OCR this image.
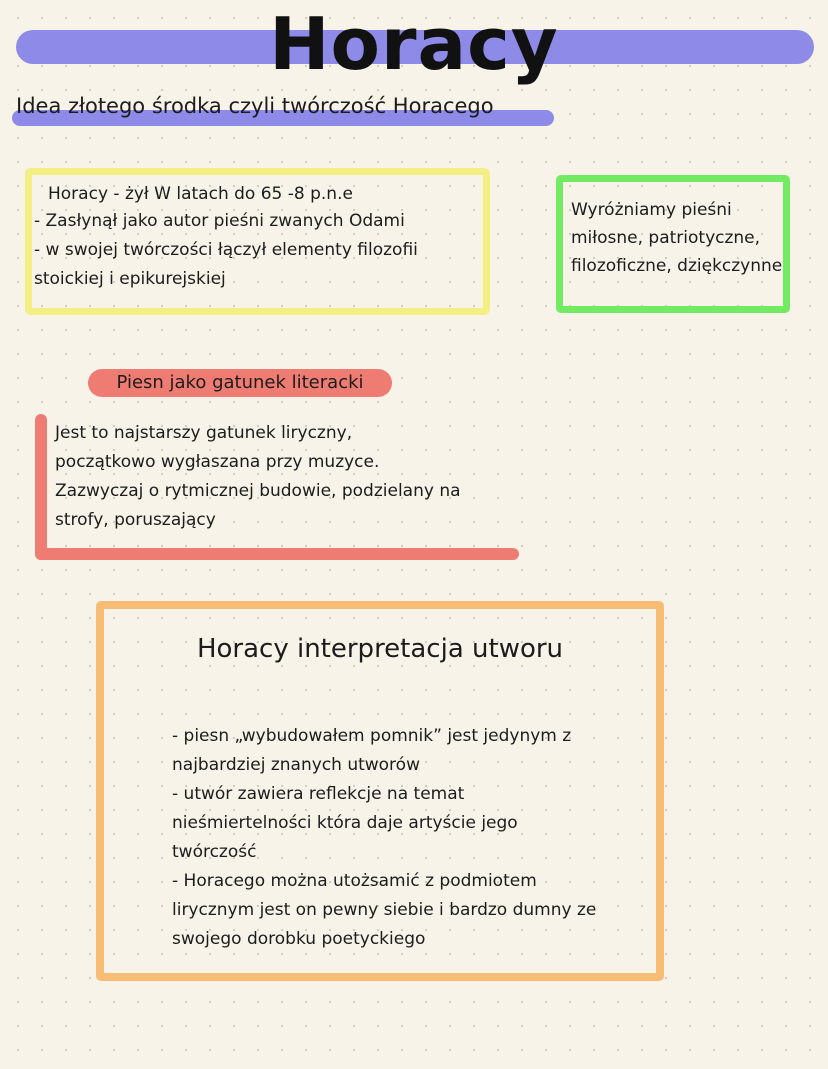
Horacy
Idea złotego środka czyli twórczość Horacego
Horacy - żył W latach do 65 -8 p.n.e
- Zasłynął jako autor pieśni zwanych Odami
- w swojej twórczości łączył elementy filozofii
stoickiej i epikurejskiej
Wyróżniamy pieśni miłosne, patriotyczne, filozoficzne, dziękczynne
Piesn jako gatunek literacki
Jest to najstarszy gatunek liryczny,
początkowo wygłaszana przy muzyce.
Zazwyczaj o rytmicznej budowie, podzielany na
strofy, poruszający
Horacy interpretacja utworu
- piesn „wybudowałem pomnik” jest jedynym z
najbardziej znanych utworów
- utwór zawiera reflekcje na temat
nieśmiertelności która daje artyście jego
twórczość
- Horacego można utożsamić z podmiotem
lirycznym jest on pewny siebie i bardzo dumny ze
swojego dorobku poetyckiego
